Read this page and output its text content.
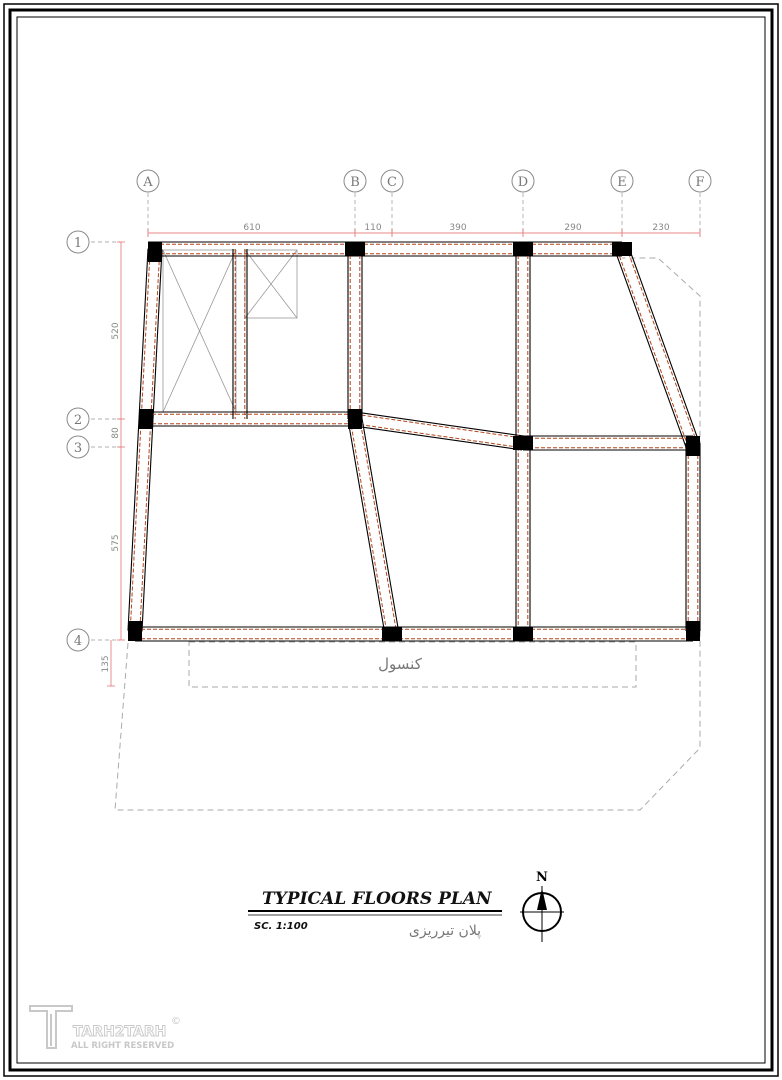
A	B C	D	E	F
1
2
3
4
610	110	390	290	230
520
80
575
135	کنسول
TYPICAL FLOORS PLAN
SC. 1:100	پلان تیرریزی
N
TARH2TARH
ALL RIGHT RESERVED
©
